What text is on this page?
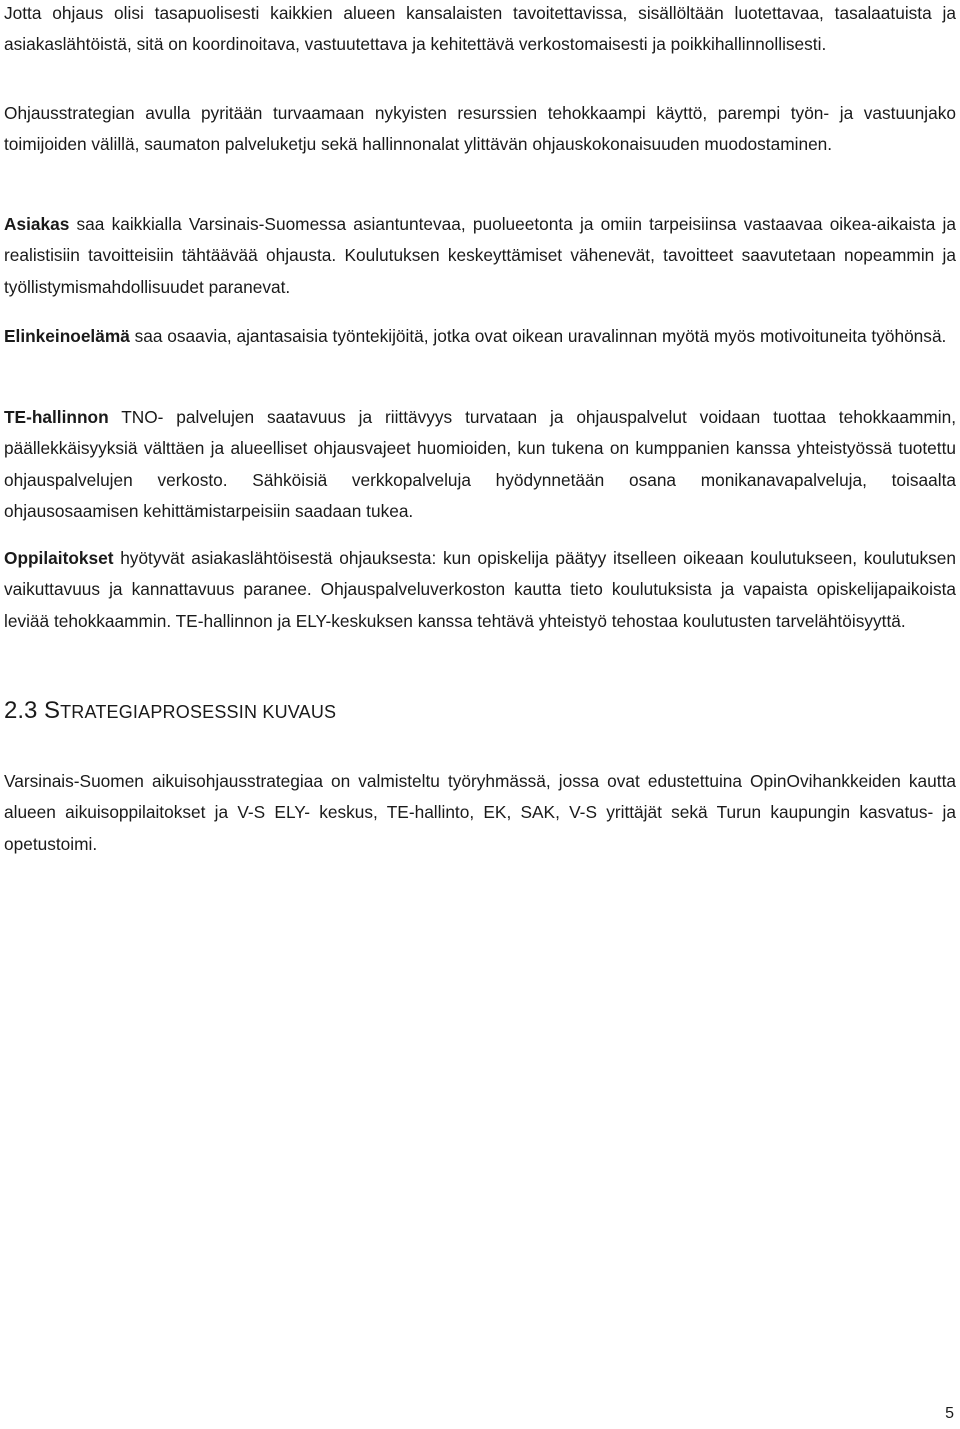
Jotta ohjaus olisi tasapuolisesti kaikkien alueen kansalaisten tavoitettavissa, sisällöltään luotettavaa, tasalaatuista ja asiakaslähtöistä, sitä on koordinoitava, vastuutettava ja kehitettävä verkostomaisesti ja poikkihallinnollisesti.

Ohjausstrategian avulla pyritään turvaamaan nykyisten resurssien tehokkaampi käyttö, parempi työn- ja vastuunjako toimijoiden välillä, saumaton palveluketju sekä hallinnonalat ylittävän ohjauskokonaisuuden muodostaminen.

Asiakas saa kaikkialla Varsinais-Suomessa asiantuntevaa, puolueetonta ja omiin tarpeisiinsa vastaavaa oikea-aikaista ja realistisiin tavoitteisiin tähtäävää ohjausta. Koulutuksen keskeyttämiset vähenevät, tavoitteet saavutetaan nopeammin ja työllistymismahdollisuudet paranevat.

Elinkeinoelämä saa osaavia, ajantasaisia työntekijöitä, jotka ovat oikean uravalinnan myötä myös motivoituneita työhönsä.

TE-hallinnon TNO- palvelujen saatavuus ja riittävyys turvataan ja ohjauspalvelut voidaan tuottaa tehokkaammin, päällekkäisyyksiä välttäen ja alueelliset ohjausvajeet huomioiden, kun tukena on kumppanien kanssa yhteistyössä tuotettu ohjauspalvelujen verkosto. Sähköisiä verkkopalveluja hyödynnetään osana monikanavapalveluja, toisaalta ohjausosaamisen kehittämistarpeisiin saadaan tukea.

Oppilaitokset hyötyvät asiakaslähtöisestä ohjauksesta: kun opiskelija päätyy itselleen oikeaan koulutukseen, koulutuksen vaikuttavuus ja kannattavuus paranee. Ohjauspalveluverkoston kautta tieto koulutuksista ja vapaista opiskelijapaikoista leviää tehokkaammin. TE-hallinnon ja ELY-keskuksen kanssa tehtävä yhteistyö tehostaa koulutusten tarvelähtöisyyttä.

2.3 STRATEGIAPROSESSIN KUVAUS

Varsinais-Suomen aikuisohjausstrategiaa on valmisteltu työryhmässä, jossa ovat edustettuina OpinOvihankkeiden kautta alueen aikuisoppilaitokset ja V-S ELY- keskus, TE-hallinto, EK, SAK, V-S yrittäjät sekä Turun kaupungin kasvatus- ja opetustoimi.

5
